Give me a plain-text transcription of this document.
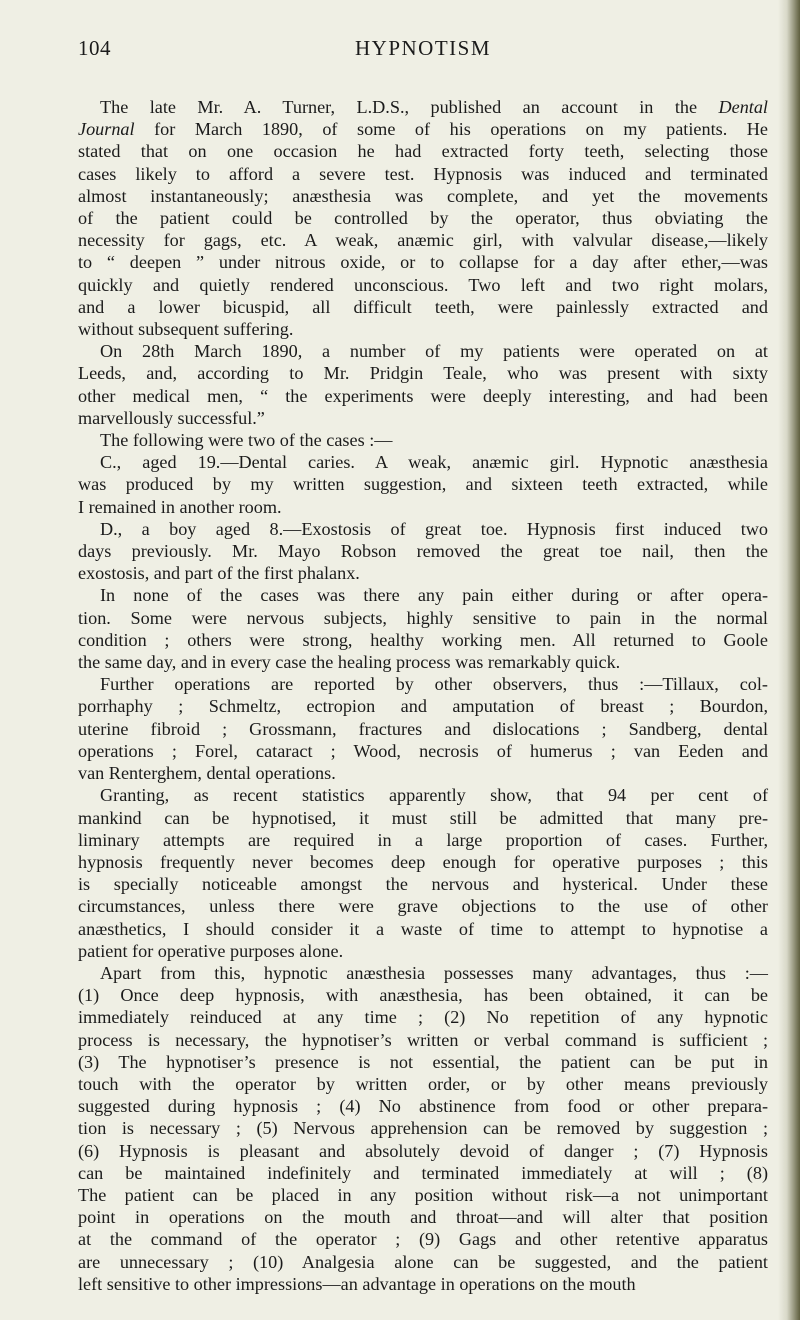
104	HYPNOTISM
The late Mr. A. Turner, L.D.S., published an account in the Dental
Journal for March 1890, of some of his operations on my patients. He
stated that on one occasion he had extracted forty teeth, selecting those
cases likely to afford a severe test. Hypnosis was induced and terminated
almost instantaneously; anæsthesia was complete, and yet the movements
of the patient could be controlled by the operator, thus obviating the
necessity for gags, etc. A weak, anæmic girl, with valvular disease,—likely
to “ deepen ” under nitrous oxide, or to collapse for a day after ether,—was
quickly and quietly rendered unconscious. Two left and two right molars,
and a lower bicuspid, all difficult teeth, were painlessly extracted and
without subsequent suffering.
On 28th March 1890, a number of my patients were operated on at
Leeds, and, according to Mr. Pridgin Teale, who was present with sixty
other medical men, “ the experiments were deeply interesting, and had been
marvellously successful.”
The following were two of the cases :—
C., aged 19.—Dental caries. A weak, anæmic girl. Hypnotic anæsthesia
was produced by my written suggestion, and sixteen teeth extracted, while
I remained in another room.
D., a boy aged 8.—Exostosis of great toe. Hypnosis first induced two
days previously. Mr. Mayo Robson removed the great toe nail, then the
exostosis, and part of the first phalanx.
In none of the cases was there any pain either during or after opera-
tion. Some were nervous subjects, highly sensitive to pain in the normal
condition ; others were strong, healthy working men. All returned to Goole
the same day, and in every case the healing process was remarkably quick.
Further operations are reported by other observers, thus :—Tillaux, col-
porrhaphy ; Schmeltz, ectropion and amputation of breast ; Bourdon,
uterine fibroid ; Grossmann, fractures and dislocations ; Sandberg, dental
operations ; Forel, cataract ; Wood, necrosis of humerus ; van Eeden and
van Renterghem, dental operations.
Granting, as recent statistics apparently show, that 94 per cent of
mankind can be hypnotised, it must still be admitted that many pre-
liminary attempts are required in a large proportion of cases. Further,
hypnosis frequently never becomes deep enough for operative purposes ; this
is specially noticeable amongst the nervous and hysterical. Under these
circumstances, unless there were grave objections to the use of other
anæsthetics, I should consider it a waste of time to attempt to hypnotise a
patient for operative purposes alone.
Apart from this, hypnotic anæsthesia possesses many advantages, thus :—
(1) Once deep hypnosis, with anæsthesia, has been obtained, it can be
immediately reinduced at any time ; (2) No repetition of any hypnotic
process is necessary, the hypnotiser’s written or verbal command is sufficient ;
(3) The hypnotiser’s presence is not essential, the patient can be put in
touch with the operator by written order, or by other means previously
suggested during hypnosis ; (4) No abstinence from food or other prepara-
tion is necessary ; (5) Nervous apprehension can be removed by suggestion ;
(6) Hypnosis is pleasant and absolutely devoid of danger ; (7) Hypnosis
can be maintained indefinitely and terminated immediately at will ; (8)
The patient can be placed in any position without risk—a not unimportant
point in operations on the mouth and throat—and will alter that position
at the command of the operator ; (9) Gags and other retentive apparatus
are unnecessary ; (10) Analgesia alone can be suggested, and the patient
left sensitive to other impressions—an advantage in operations on the mouth
